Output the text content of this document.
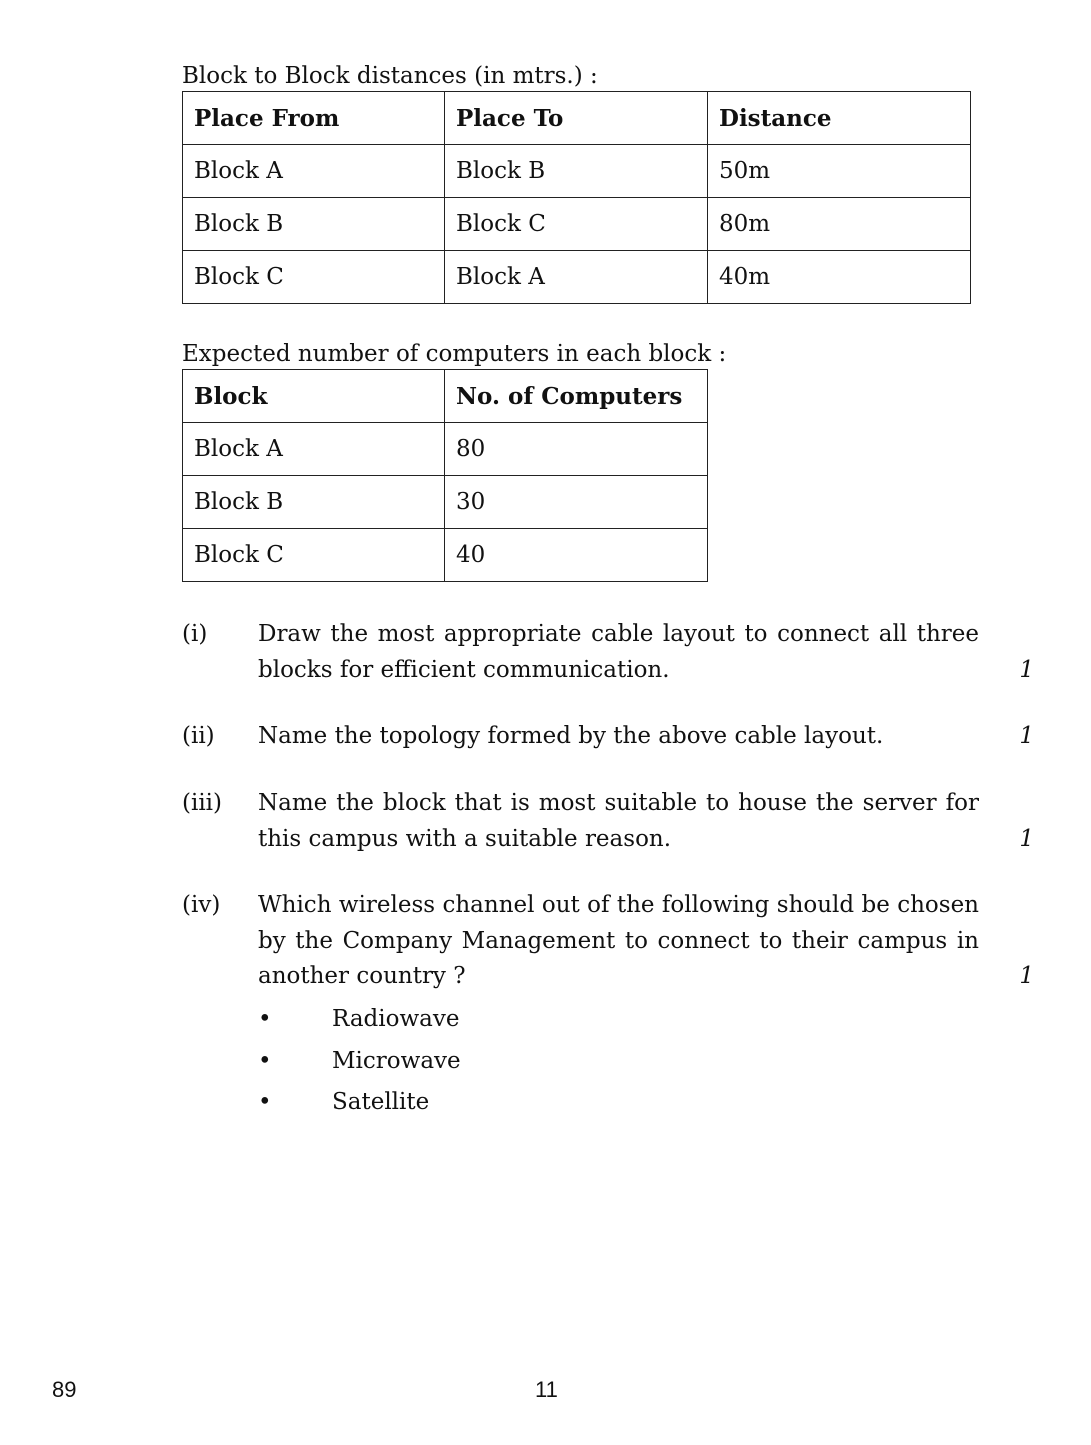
Block to Block distances (in mtrs.) :
Place From	Place To	Distance
Block A	Block B	50m
Block B	Block C	80m
Block C	Block A	40m
Expected number of computers in each block :
Block	No. of Computers
Block A	80
Block B	30
Block C	40
(i) Draw the most appropriate cable layout to connect all three blocks for efficient communication.	1
(ii) Name the topology formed by the above cable layout.	1
(iii) Name the block that is most suitable to house the server for this campus with a suitable reason.	1
(iv) Which wireless channel out of the following should be chosen by the Company Management to connect to their campus in another country ?	1
•	Radiowave
•	Microwave
•	Satellite
89	11
